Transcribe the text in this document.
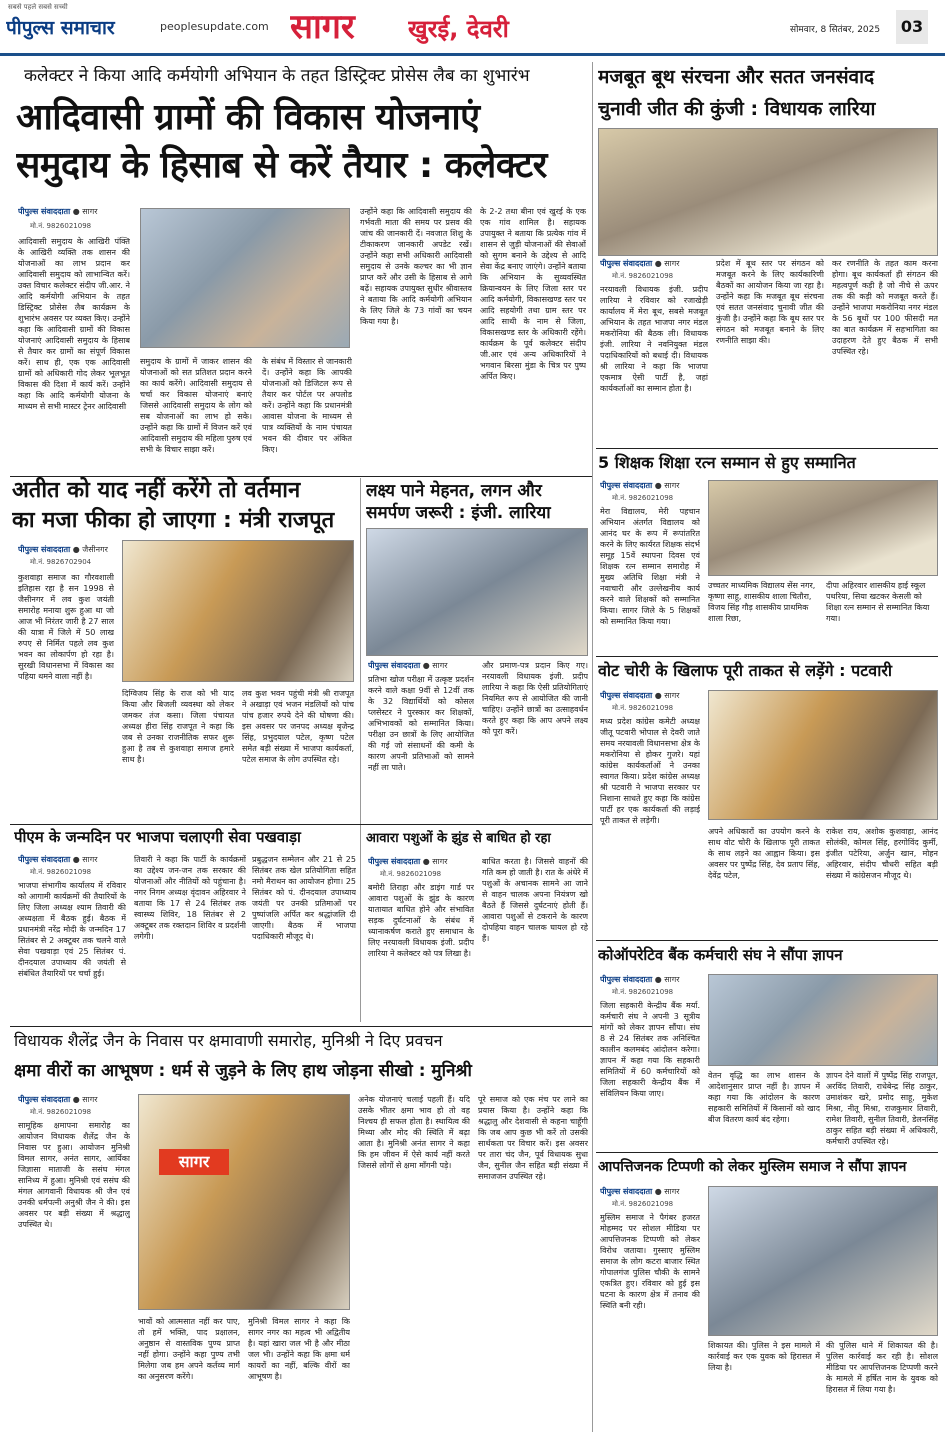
सबसे पहले सबसे सच्ची
पीपुल्स समाचार	peoplesupdate.com सागर	खुरई, देवरी	सोमवार, 8 सितंबर, 2025	03
कलेक्टर ने किया आदि कर्मयोगी अभियान के तहत डिस्ट्रिक्ट प्रोसेस लैब का शुभारंभ
आदिवासी ग्रामों की विकास योजनाएं
समुदाय के हिसाब से करें तैयार : कलेक्टर
पीपुल्स संवाददाता ● सागर
मो.नं. 9826021098
आदिवासी समुदाय के आखिरी पंक्ति के आखिरी व्यक्ति तक शासन की योजनाओं का लाभ प्रदान कर आदिवासी समुदाय को लाभान्वित करें। उक्त विचार कलेक्टर संदीप जी.आर. ने आदि कर्मयोगी अभियान के तहत डिस्ट्रिक्ट प्रोसेस लैब कार्यक्रम के शुभारंभ अवसर पर व्यक्त किए। उन्होंने कहा कि आदिवासी ग्रामों की विकास योजनाएं आदिवासी समुदाय के हिसाब से तैयार कर ग्रामों का संपूर्ण विकास करें। साथ ही, एक एक आदिवासी ग्रामों को अधिकारी गोद लेकर भूलभूत विकास की दिशा में कार्य करें। उन्होंने कहा कि आदि कर्मयोगी योजना के माध्यम से सभी मास्टर ट्रेनर आदिवासी
समुदाय के ग्रामों में जाकर शासन की योजनाओं को सत प्रतिशत प्रदान करने का कार्य करेंगे। आदिवासी समुदाय से चर्चा कर विकास योजनाएं बनाएं जिससे आदिवासी समुदाय के लोग को सब योजनाओं का लाभ हो सके। उन्होंने कहा कि ग्रामों में विजन करें एवं आदिवासी समुदाय की महिला पुरुष एवं सभी के विचार साझा करें।
के संबंध में विस्तार से जानकारी दें। उन्होंने कहा कि आपकी योजनाओं को डिजिटल रूप से तैयार कर पोर्टल पर अपलोड करें। उन्होंने कहा कि प्रधानमंत्री आवास योजना के माध्यम से पात्र व्यक्तियों के नाम पंचायत भवन की दीवार पर अंकित किए।
उन्होंने कहा कि आदिवासी समुदाय की गर्भवती माता की समय पर प्रसव की जांच की जानकारी दें। नवजात शिशु के टीकाकरण जानकारी अपडेट रखें। उन्होंने कहा सभी अधिकारी आदिवासी समुदाय से उनके कल्चर का भी ज्ञान प्राप्त करें और उसी के हिसाब से आगे बढ़ें। सहायक उपायुक्त सुधीर श्रीवास्तव ने बताया कि आदि कर्मयोगी अभियान के लिए जिले के 73 गांवों का चयन किया गया है।
के 2-2 तथा बीना एवं खुरई के एक एक गांव शामिल है। सहायक उपायुक्त ने बताया कि प्रत्येक गांव में शासन से जुड़ी योजनाओं की सेवाओं को सुगम बनाने के उद्देश्य से आदि सेवा केंद्र बनाए जाएंगे। उन्होंने बताया कि अभियान के सुव्यवस्थित क्रियान्वयन के लिए जिला स्तर पर आदि कर्मयोगी, विकासखण्ड स्तर पर आदि सहयोगी तथा ग्राम स्तर पर आदि साथी के नाम से जिला, विकासखण्ड स्तर के अधिकारी रहेंगे। कार्यक्रम के पूर्व कलेक्टर संदीप जी.आर एवं अन्य अधिकारियों ने भगवान बिरसा मुंडा के चित्र पर पुष्प अर्पित किए।
मजबूत बूथ संरचना और सतत जनसंवाद
चुनावी जीत की कुंजी : विधायक लारिया
पीपुल्स संवाददाता ● सागर
मो.नं. 9826021098
नरयावली विधायक इंजी. प्रदीप लारिया ने रविवार को रजाखेड़ी कार्यालय में मेरा बूथ, सबसे मजबूत अभियान के तहत भाजपा नगर मंडल मकरोनिया की बैठक ली। विधायक इंजी. लारिया ने नवनियुक्त मंडल पदाधिकारियों को बधाई दी। विधायक श्री लारिया ने कहा कि भाजपा एकमात्र ऐसी पार्टी है, जहां कार्यकर्ताओं का सम्मान होता है।
प्रदेश में बूथ स्तर पर संगठन को मजबूत करने के लिए कार्यकारिणी बैठकों का आयोजन किया जा रहा है। उन्होंने कहा कि मजबूत बूथ संरचना एवं सतत जनसंवाद चुनावी जीत की कुंजी है। उन्होंने कहा कि बूथ स्तर पर संगठन को मजबूत बनाने के लिए रणनीति साझा की।
कर रणनीति के तहत काम करना होगा। बूथ कार्यकर्ता ही संगठन की महत्वपूर्ण कड़ी है जो नीचे से ऊपर तक की कड़ी को मजबूत करते हैं। उन्होंने भाजपा मकरोनिया नगर मंडल के 56 बूथों पर 100 फीसदी मत का बात कार्यक्रम में सहभागिता का उदाहरण देते हुए बैठक में सभी उपस्थित रहे।
अतीत को याद नहीं करेंगे तो वर्तमान
का मजा फीका हो जाएगा : मंत्री राजपूत
पीपुल्स संवाददाता ● जैसीनगर
मो.नं. 9826702904
कुशवाहा समाज का गौरवशाली इतिहास रहा है सन 1998 से जैसीनगर में लव कुश जयंती समारोह मनाया शुरू हुआ था जो आज भी निरंतर जारी है 27 साल की यात्रा में जिले में 50 लाख रुपए से निर्मित पहले लव कुश भवन का लोकार्पण हो रहा है। सुरखी विधानसभा में विकास का पहिया थमने वाला नहीं है।
दिग्विजय सिंह के राज को भी याद किया और बिजली व्यवस्था को लेकर जमकर तंज कसा। जिला पंचायत अध्यक्ष हीरा सिंह राजपूत ने कहा कि जब से उनका राजनीतिक सफर शुरू हुआ है तब से कुशवाहा समाज हमारे साथ है।
लव कुश भवन पहुंची मंत्री श्री राजपूत ने अखाड़ा एवं भजन मंडलियों को पांच पांच हजार रुपये देने की घोषणा की। इस अवसर पर जनपद अध्यक्ष बृजेन्द्र सिंह, प्रभुदयाल पटेल, कृष्ण पटेल समेत बड़ी संख्या में भाजपा कार्यकर्ता, पटेल समाज के लोग उपस्थित रहे।
लक्ष्य पाने मेहनत, लगन और
समर्पण जरूरी : इंजी. लारिया
पीपुल्स संवाददाता ● सागर
प्रतिभा खोज परीक्षा में उत्कृष्ट प्रदर्शन करने वाले कक्षा 9वीं से 12वीं तक के 32 विद्यार्थियों को कोसल प्लसेस्टर ने पुरस्कार कर शिक्षकों, अभिभावकों को सम्मानित किया। परीक्षा उन छात्रों के लिए आयोजित की गई जो संसाधनों की कमी के कारण अपनी प्रतिभाओं को सामने नहीं ला पाते।
और प्रमाण-पत्र प्रदान किए गए। नरयावली विधायक इंजी. प्रदीप लारिया ने कहा कि ऐसी प्रतियोगिताएं नियमित रूप से आयोजित की जानी चाहिए। उन्होंने छात्रों का उत्साहवर्धन करते हुए कहा कि आप अपने लक्ष्य को पूरा करें।
5 शिक्षक शिक्षा रत्न सम्मान से हुए सम्मानित
पीपुल्स संवाददाता ● सागर
मो.नं. 9826021098
मेरा विद्यालय, मेरी पहचान अभियान अंतर्गत विद्यालय को आनंद घर के रूप में रूपांतरित करने के लिए कार्यरत शिक्षक संदर्भ समूह 15वें स्थापना दिवस एवं शिक्षक रत्न सम्मान समारोह में मुख्य अतिथि शिक्षा मंत्री ने नवाचारी और उल्लेखनीय कार्य करने वाले शिक्षकों को सम्मानित किया। सागर जिले के 5 शिक्षकों को सम्मानित किया गया।
उच्चतर माध्यमिक विद्यालय सेंस नगर, कृष्णा साहू, शासकीय शाला चितौरा, विजय सिंह गौड़ शासकीय प्राथमिक शाला रिछा,
दीपा अहिरवार शासकीय हाई स्कूल पथरिया, सिया खटकर केसली को शिक्षा रत्न सम्मान से सम्मानित किया गया।
वोट चोरी के खिलाफ पूरी ताकत से लड़ेंगे : पटवारी
पीपुल्स संवाददाता ● सागर
मो.नं. 9826021098
मध्य प्रदेश कांग्रेस कमेटी अध्यक्ष जीतू पटवारी भोपाल से देवरी जाते समय नरयावली विधानसभा क्षेत्र के मकरोनिया से होकर गुजरे। यहां कांग्रेस कार्यकर्ताओं ने उनका स्वागत किया। प्रदेश कांग्रेस अध्यक्ष श्री पटवारी ने भाजपा सरकार पर निशाना साधते हुए कहा कि कांग्रेस पार्टी हर एक कार्यकर्ता की लड़ाई पूरी ताकत से लड़ेगी।
अपने अधिकारों का उपयोग करने के साथ वोट चोरी के खिलाफ पूरी ताकत के साथ लड़ने का आह्वान किया। इस अवसर पर पुष्पेंद्र सिंह, देव प्रताप सिंह, देवेंद्र पटेल,
राकेश राय, अशोक कुशवाहा, आनंद सोलंकी, कोमल सिंह, हरगोविंद कुर्मी, इंजीत पटेरिया, अर्जुन खान, मोहन अहिरवार, संदीप चौधरी सहित बड़ी संख्या में कांग्रेसजन मौजूद थे।
पीएम के जन्मदिन पर भाजपा चलाएगी सेवा पखवाड़ा
पीपुल्स संवाददाता ● सागर
मो.नं. 9826021098
भाजपा संभागीय कार्यालय में रविवार को आगामी कार्यक्रमों की तैयारियों के लिए जिला अध्यक्ष श्याम तिवारी की अध्यक्षता में बैठक हुई। बैठक में प्रधानमंत्री नरेंद्र मोदी के जन्मदिन 17 सितंबर से 2 अक्टूबर तक चलने वाले सेवा पखवाड़ा एवं 25 सितंबर पं. दीनदयाल उपाध्याय की जयंती से संबंधित तैयारियों पर चर्चा हुई।
तिवारी ने कहा कि पार्टी के कार्यक्रमों का उद्देश्य जन-जन तक सरकार की योजनाओं और नीतियों को पहुंचाना है। नगर निगम अध्यक्ष वृंदावन अहिरवार ने बताया कि 17 से 24 सितंबर तक स्वास्थ्य शिविर, 18 सितंबर से 2 अक्टूबर तक रक्तदान शिविर व प्रदर्शनी लगेगी।
प्रबुद्धजन सम्मेलन और 21 से 25 सितंबर तक खेल प्रतियोगिता सहित नमो मैराथन का आयोजन होगा। 25 सितंबर को पं. दीनदयाल उपाध्याय जयंती पर उनकी प्रतिमाओं पर पुष्पांजलि अर्पित कर श्रद्धांजलि दी जाएगी। बैठक में भाजपा पदाधिकारी मौजूद थे।
आवारा पशुओं के झुंड से बाधित हो रहा
पीपुल्स संवाददाता ● सागर
मो.नं. 9826021098
बमोरी तिराहा और डाइंग गार्ड पर आवारा पशुओं के झुंड के कारण यातायात बाधित होने और संभावित सड़क दुर्घटनाओं के संबंध में ध्यानाकर्षण कराते हुए समाधान के लिए नरयावली विधायक इंजी. प्रदीप लारिया ने कलेक्टर को पत्र लिखा है।
बाधित करता है। जिससे वाहनों की गति कम हो जाती है। रात के अंधेरे में पशुओं के अचानक सामने आ जाने से वाहन चालक अपना नियंत्रण खो बैठते हैं जिससे दुर्घटनाएं होती हैं। आवारा पशुओं से टकराने के कारण दोपहिया वाहन चालक घायल हो रहे हैं।
कोऑपरेटिव बैंक कर्मचारी संघ ने सौंपा ज्ञापन
पीपुल्स संवाददाता ● सागर
मो.नं. 9826021098
जिला सहकारी केन्द्रीय बैंक मर्या. कर्मचारी संघ ने अपनी 3 सूत्रीय मांगों को लेकर ज्ञापन सौंपा। संघ 8 से 24 सितंबर तक अनिश्चित कालीन कलमबंद आंदोलन करेगा। ज्ञापन में कहा गया कि सहकारी समितियों में 60 कर्मचारियों को जिला सहकारी केन्द्रीय बैंक में संविलियन किया जाए।
वेतन वृद्धि का लाभ शासन के आदेशानुसार प्राप्त नहीं है। ज्ञापन में कहा गया कि आंदोलन के कारण सहकारी समितियों में किसानों को खाद बीज वितरण कार्य बंद रहेगा।
ज्ञापन देने वालों में पुष्पेंद्र सिंह राजपूत, अरविंद तिवारी, राधेबेन्द्र सिंह ठाकुर, उमाशंकर खरे, प्रमोद साहू, मुकेश मिश्रा, नीतू मिश्रा, राजकुमार तिवारी, रामेश तिवारी, सुनील तिवारी, डेलनसिंह ठाकुर सहित बड़ी संख्या में अधिकारी, कर्मचारी उपस्थित रहे।
विधायक शैलेंद्र जैन के निवास पर क्षमावाणी समारोह, मुनिश्री ने दिए प्रवचन
क्षमा वीरों का आभूषण : धर्म से जुड़ने के लिए हाथ जोड़ना सीखो : मुनिश्री
पीपुल्स संवाददाता ● सागर
मो.नं. 9826021098
सामूहिक क्षमापना समारोह का आयोजन विधायक शैलेंद्र जैन के निवास पर हुआ। आयोजन मुनिश्री विमल सागर, अनंत सागर, आर्यिका जिज्ञासा माताजी के ससंघ मंगल सानिध्य में हुआ। मुनिश्री एवं ससंघ की मंगल आगवानी विधायक श्री जैन एवं उनकी धर्मपत्नी अनुश्री जैन ने की। इस अवसर पर बड़ी संख्या में श्रद्धालु उपस्थित थे।
सागर
भावों को आत्मसात नहीं कर पाए, तो हमें भक्ति, पाद प्रक्षालन, अनुष्ठान से वास्तविक पुण्य प्राप्त नहीं होगा। उन्होंने कहा पुण्य तभी मिलेगा जब हम अपने कर्तव्य मार्ग का अनुसरण करेंगे।
मुनिश्री विमल सागर ने कहा कि सागर नगर का महत्व भी अद्वितीय है। यहां खारा जल भी है और मीठा जल भी। उन्होंने कहा कि क्षमा धर्म कायरों का नहीं, बल्कि वीरों का आभूषण है।
अनेक योजनाएं चलाई पहली हैं। यदि उसके भीतर क्षमा भाव हो तो वह निश्चय ही सफल होता है। स्थायित्व की मिथ्या और मोद की स्थिति में बढ़ा आता है। मुनिश्री अनंत सागर ने कहा कि हम जीवन में ऐसे कार्य नहीं करते जिससे लोगों से क्षमा माँगनी पड़े।
पूरे समाज को एक मंच पर लाने का प्रयास किया है। उन्होंने कहा कि श्रद्धालु और देशवासी से कहना चाहूँगी कि जब आप कुछ भी करें तो उसकी सार्थकता पर विचार करें। इस अवसर पर तारा चंद जैन, पूर्व विधायक सुधा जैन, सुनील जैन सहित बड़ी संख्या में समाजजन उपस्थित रहे।
आपत्तिजनक टिप्पणी को लेकर मुस्लिम समाज ने सौंपा ज्ञापन
पीपुल्स संवाददाता ● सागर
मो.नं. 9826021098
मुस्लिम समाज ने पैगंबर हजरत मोहम्मद पर सोशल मीडिया पर आपत्तिजनक टिप्पणी को लेकर विरोध जताया। गुस्साए मुस्लिम समाज के लोग कटरा बाजार स्थित गोपालगंज पुलिस चौकी के सामने एकत्रित हुए। रविवार को हुई इस घटना के कारण क्षेत्र में तनाव की स्थिति बनी रही।
शिकायत की। पुलिस ने इस मामले में कार्रवाई कर एक युवक को हिरासत में लिया है।
की पुलिस थाने में शिकायत की है। पुलिस कार्रवाई कर रही है। सोशल मीडिया पर आपत्तिजनक टिप्पणी करने के मामले में हर्षित नाम के युवक को हिरासत में लिया गया है।
